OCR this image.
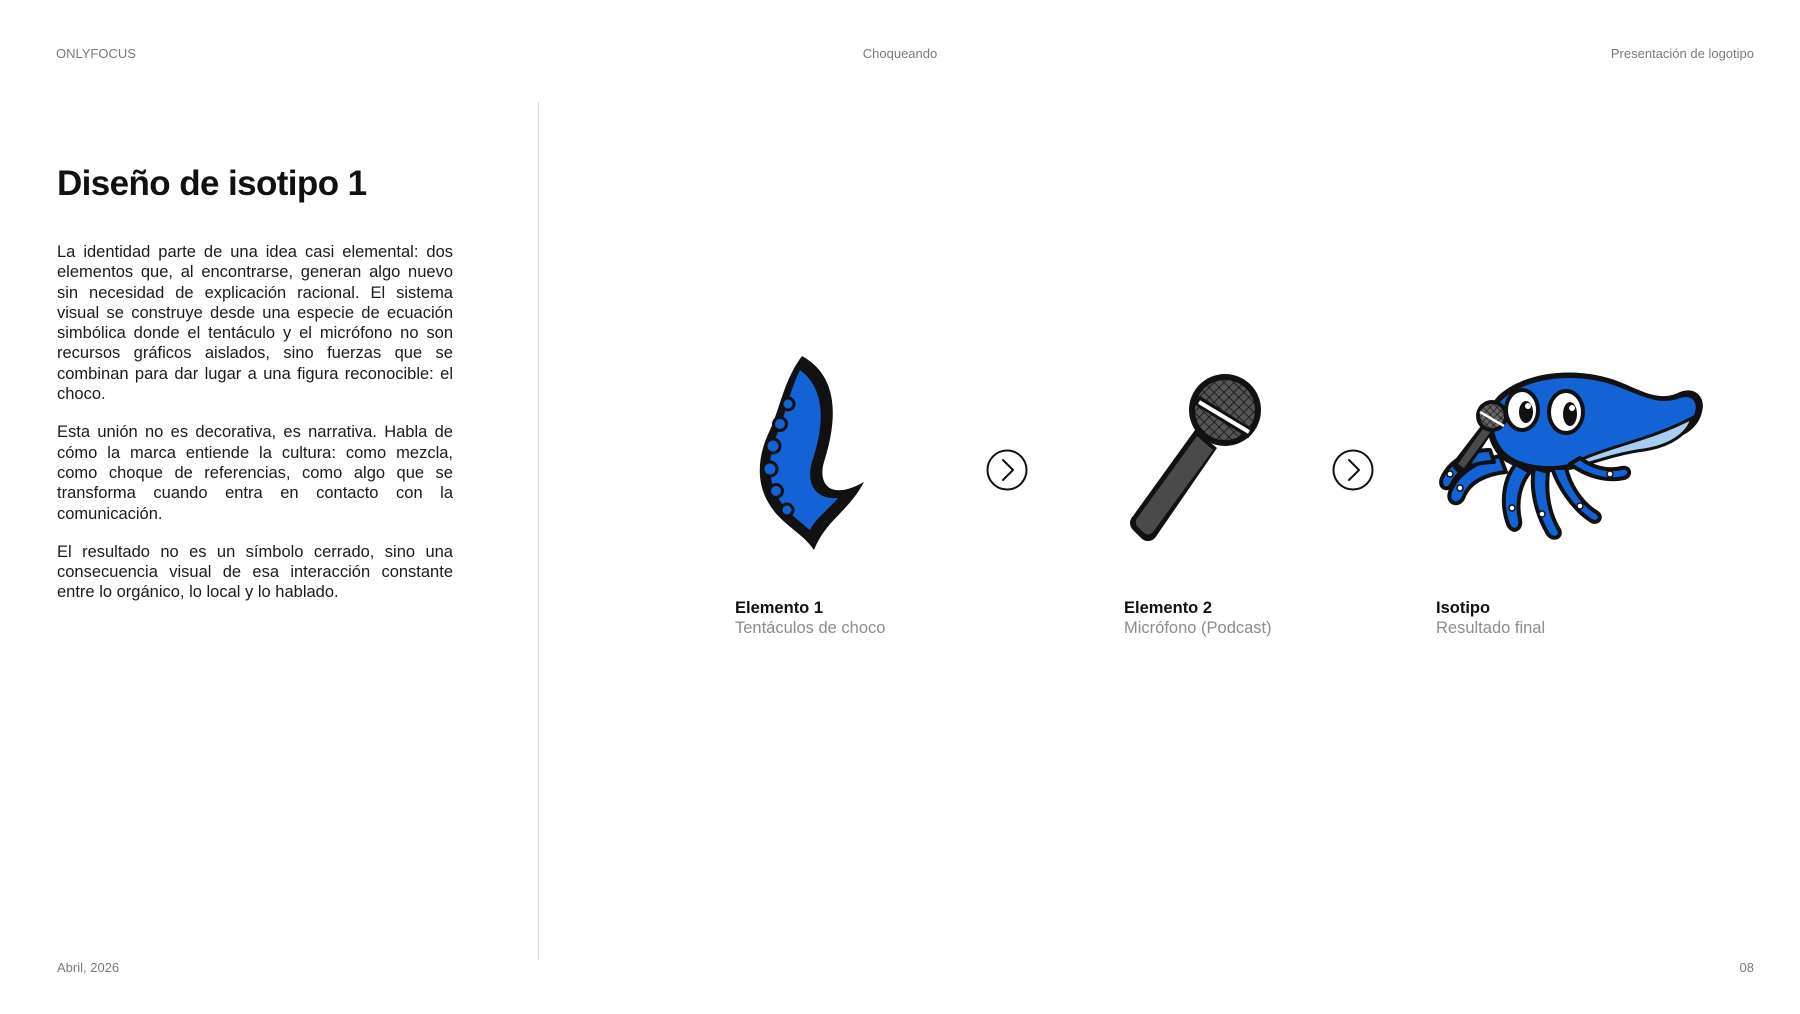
ONLYFOCUS	Choqueando	Presentación de logotipo
Diseño de isotipo 1

La identidad parte de una idea casi elemental: dos elementos que, al encontrarse, generan algo nuevo sin necesidad de explicación racional. El sistema visual se construye desde una especie de ecuación simbólica donde el tentáculo y el micrófono no son recursos gráficos aislados, sino fuerzas que se combinan para dar lugar a una figura reconocible: el choco.

Esta unión no es decorativa, es narrativa. Habla de cómo la marca entiende la cultura: como mezcla, como choque de referencias, como algo que se transforma cuando entra en contacto con la comunicación.

El resultado no es un símbolo cerrado, sino una consecuencia visual de esa interacción constante entre lo orgánico, lo local y lo hablado.

Elemento 1
Tentáculos de choco
Elemento 2
Micrófono (Podcast)
Isotipo
Resultado final
Abril, 2026	08
